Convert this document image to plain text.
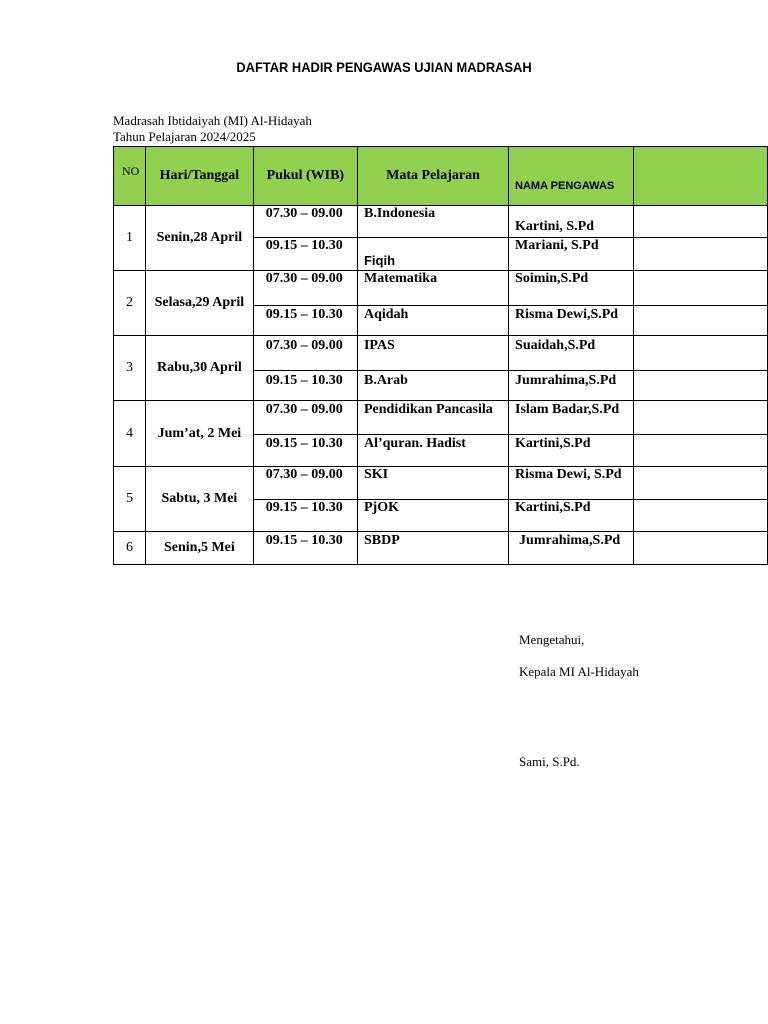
DAFTAR HADIR PENGAWAS UJIAN MADRASAH
Madrasah Ibtidaiyah (MI) Al-Hidayah
Tahun Pelajaran 2024/2025
NO	Hari/Tanggal	Pukul (WIB)	Mata Pelajaran	NAMA PENGAWAS	

1	Senin,28 April	07.30 – 09.00	B.Indonesia	Kartini, S.Pd	

		09.15 – 10.30	Fiqih	Mariani, S.Pd	

2	Selasa,29 April	07.30 – 09.00	Matematika	Soimin,S.Pd	

		09.15 – 10.30	Aqidah	Risma Dewi,S.Pd	

3	Rabu,30 April	07.30 – 09.00	IPAS	Suaidah,S.Pd	

		09.15 – 10.30	B.Arab	Jumrahima,S.Pd	

4	Jum’at, 2 Mei	07.30 – 09.00	Pendidikan Pancasila	Islam Badar,S.Pd	

		09.15 – 10.30	Al’quran. Hadist	Kartini,S.Pd	

5	Sabtu, 3 Mei	07.30 – 09.00	SKI	Risma Dewi, S.Pd	

		09.15 – 10.30	PjOK	Kartini,S.Pd	

6	Senin,5 Mei	09.15 – 10.30	SBDP	Jumrahima,S.Pd	

Mengetahui,
Kepala MI Al-Hidayah
Sami, S.Pd.
